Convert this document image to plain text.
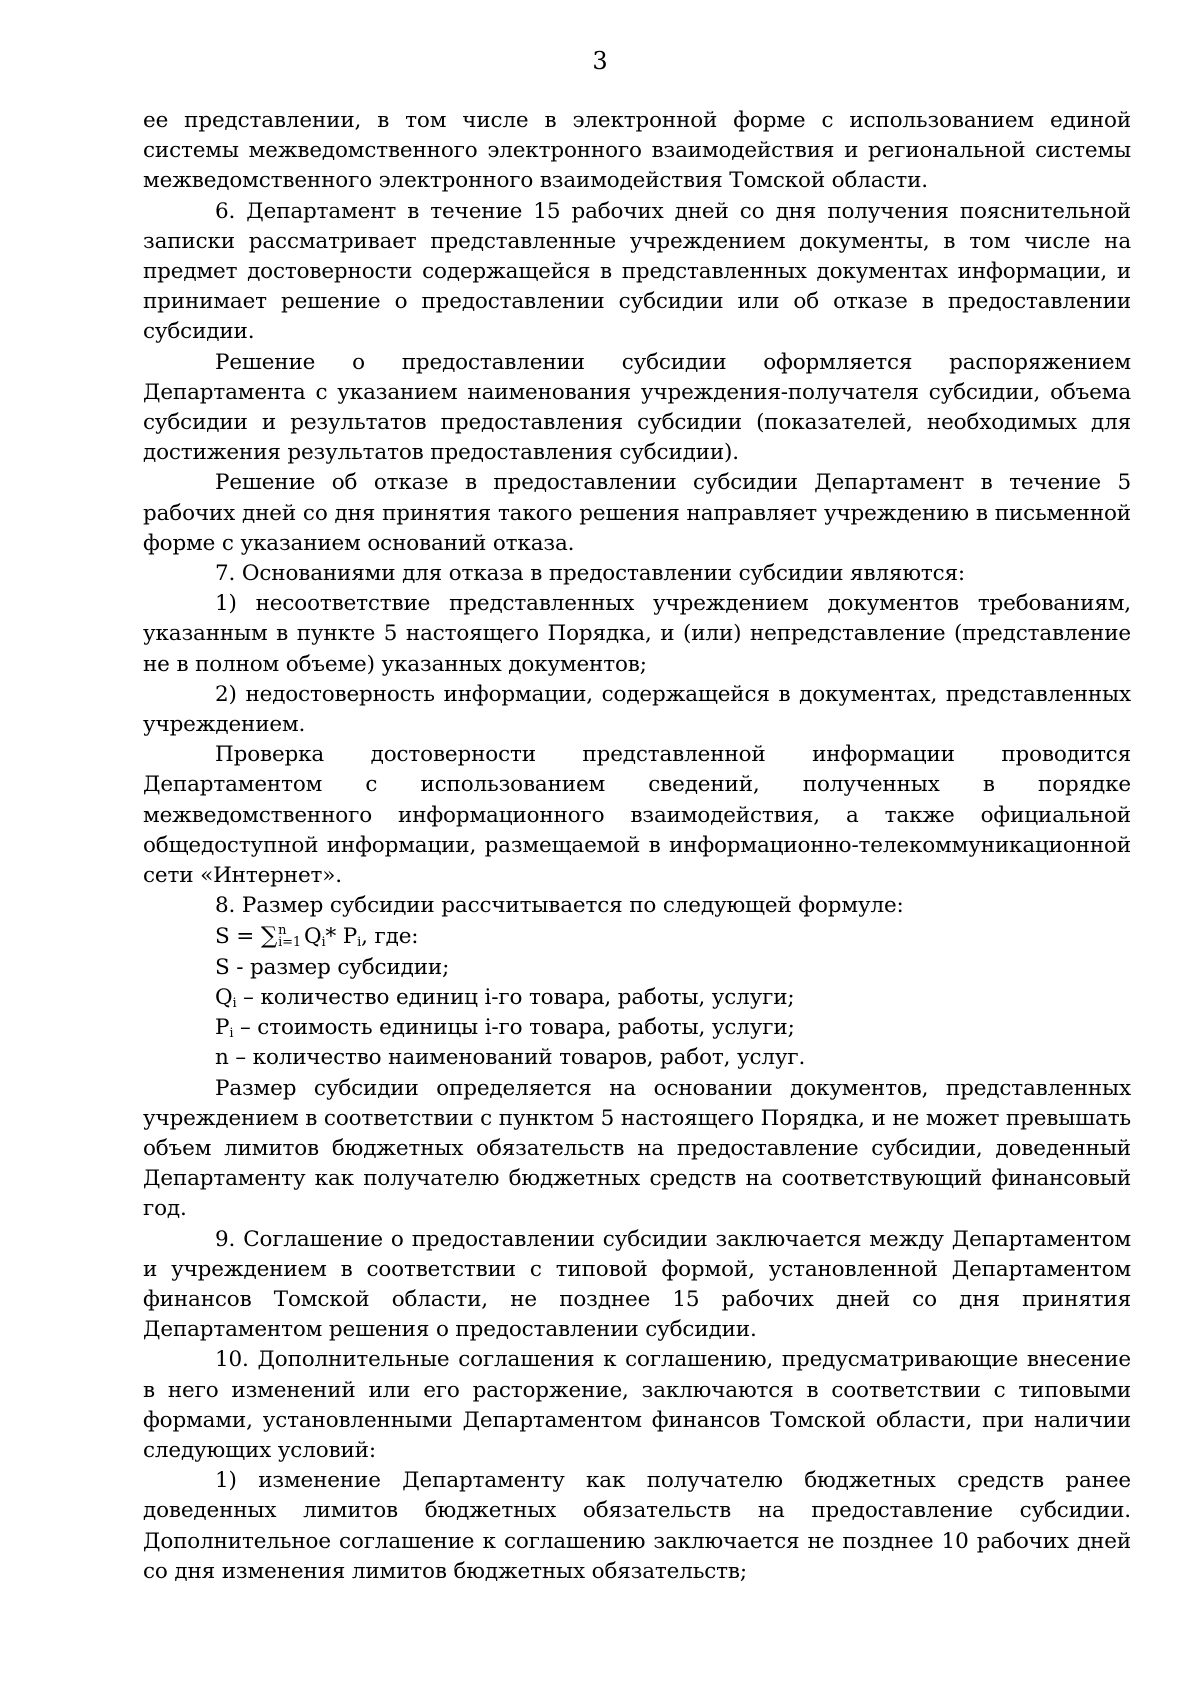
3

ее представлении, в том числе в электронной форме с использованием единой системы межведомственного электронного взаимодействия и региональной системы межведомственного электронного взаимодействия Томской области.

6. Департамент в течение 15 рабочих дней со дня получения пояснительной записки рассматривает представленные учреждением документы, в том числе на предмет достоверности содержащейся в представленных документах информации, и принимает решение о предоставлении субсидии или об отказе в предоставлении субсидии.

Решение о предоставлении субсидии оформляется распоряжением Департамента с указанием наименования учреждения-получателя субсидии, объема субсидии и результатов предоставления субсидии (показателей, необходимых для достижения результатов предоставления субсидии).

Решение об отказе в предоставлении субсидии Департамент в течение 5 рабочих дней со дня принятия такого решения направляет учреждению в письменной форме с указанием оснований отказа.

7. Основаниями для отказа в предоставлении субсидии являются:

1) несоответствие представленных учреждением документов требованиям, указанным в пункте 5 настоящего Порядка, и (или) непредставление (представление не в полном объеме) указанных документов;

2) недостоверность информации, содержащейся в документах, представленных учреждением.

Проверка достоверности представленной информации проводится Департаментом с использованием сведений, полученных в порядке межведомственного информационного взаимодействия, а также официальной общедоступной информации, размещаемой в информационно-телекоммуникационной сети «Интернет».

8. Размер субсидии рассчитывается по следующей формуле:

S = ∑ n
i=1 $Q_i*$ $P_i$, где:

S - размер субсидии;

$Q_i$ – количество единиц i-го товара, работы, услуги;

$P_i$ – стоимость единицы i-го товара, работы, услуги;

n – количество наименований товаров, работ, услуг.

Размер субсидии определяется на основании документов, представленных учреждением в соответствии с пунктом 5 настоящего Порядка, и не может превышать объем лимитов бюджетных обязательств на предоставление субсидии, доведенный Департаменту как получателю бюджетных средств на соответствующий финансовый год.

9. Соглашение о предоставлении субсидии заключается между Департаментом и учреждением в соответствии с типовой формой, установленной Департаментом финансов Томской области, не позднее 15 рабочих дней со дня принятия Департаментом решения о предоставлении субсидии.

10. Дополнительные соглашения к соглашению, предусматривающие внесение в него изменений или его расторжение, заключаются в соответствии с типовыми формами, установленными Департаментом финансов Томской области, при наличии следующих условий:

1) изменение Департаменту как получателю бюджетных средств ранее доведенных лимитов бюджетных обязательств на предоставление субсидии. Дополнительное соглашение к соглашению заключается не позднее 10 рабочих дней со дня изменения лимитов бюджетных обязательств;
